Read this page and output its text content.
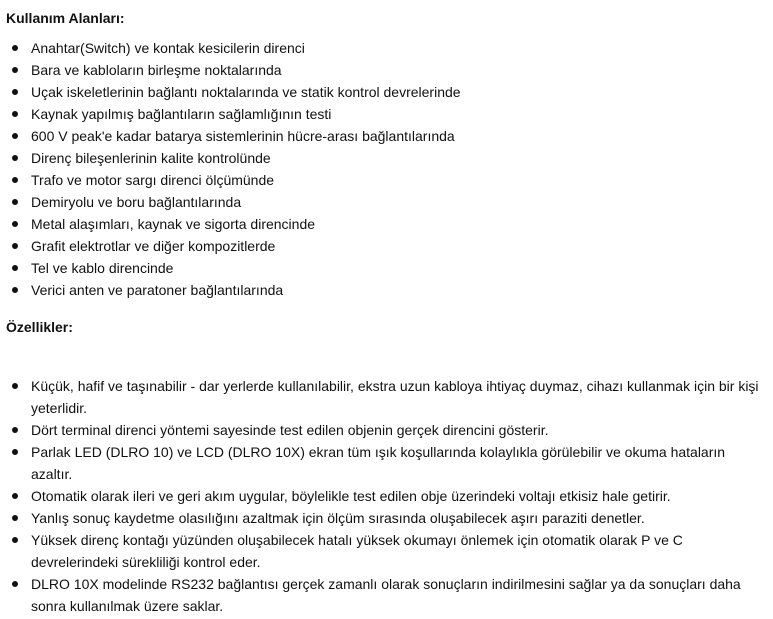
Kullanım Alanları:
Anahtar(Switch) ve kontak kesicilerin direnci
Bara ve kabloların birleşme noktalarında
Uçak iskeletlerinin bağlantı noktalarında ve statik kontrol devrelerinde
Kaynak yapılmış bağlantıların sağlamlığının testi
600 V peak'e kadar batarya sistemlerinin hücre-arası bağlantılarında
Direnç bileşenlerinin kalite kontrolünde
Trafo ve motor sargı direnci ölçümünde
Demiryolu ve boru bağlantılarında
Metal alaşımları, kaynak ve sigorta direncinde
Grafit elektrotlar ve diğer kompozitlerde
Tel ve kablo direncinde
Verici anten ve paratoner bağlantılarında
Özellikler:
Küçük, hafif ve taşınabilir - dar yerlerde kullanılabilir, ekstra uzun kabloya ihtiyaç duymaz, cihazı kullanmak için bir kişi yeterlidir.
Dört terminal direnci yöntemi sayesinde test edilen objenin gerçek direncini gösterir.
Parlak LED (DLRO 10) ve LCD (DLRO 10X) ekran tüm ışık koşullarında kolaylıkla görülebilir ve okuma hataların azaltır.
Otomatik olarak ileri ve geri akım uygular, böylelikle test edilen obje üzerindeki voltajı etkisiz hale getirir.
Yanlış sonuç kaydetme olasılığını azaltmak için ölçüm sırasında oluşabilecek aşırı paraziti denetler.
Yüksek direnç kontağı yüzünden oluşabilecek hatalı yüksek okumayı önlemek için otomatik olarak P ve C devrelerindeki sürekliliği kontrol eder.
DLRO 10X modelinde RS232 bağlantısı gerçek zamanlı olarak sonuçların indirilmesini sağlar ya da sonuçları daha sonra kullanılmak üzere saklar.
